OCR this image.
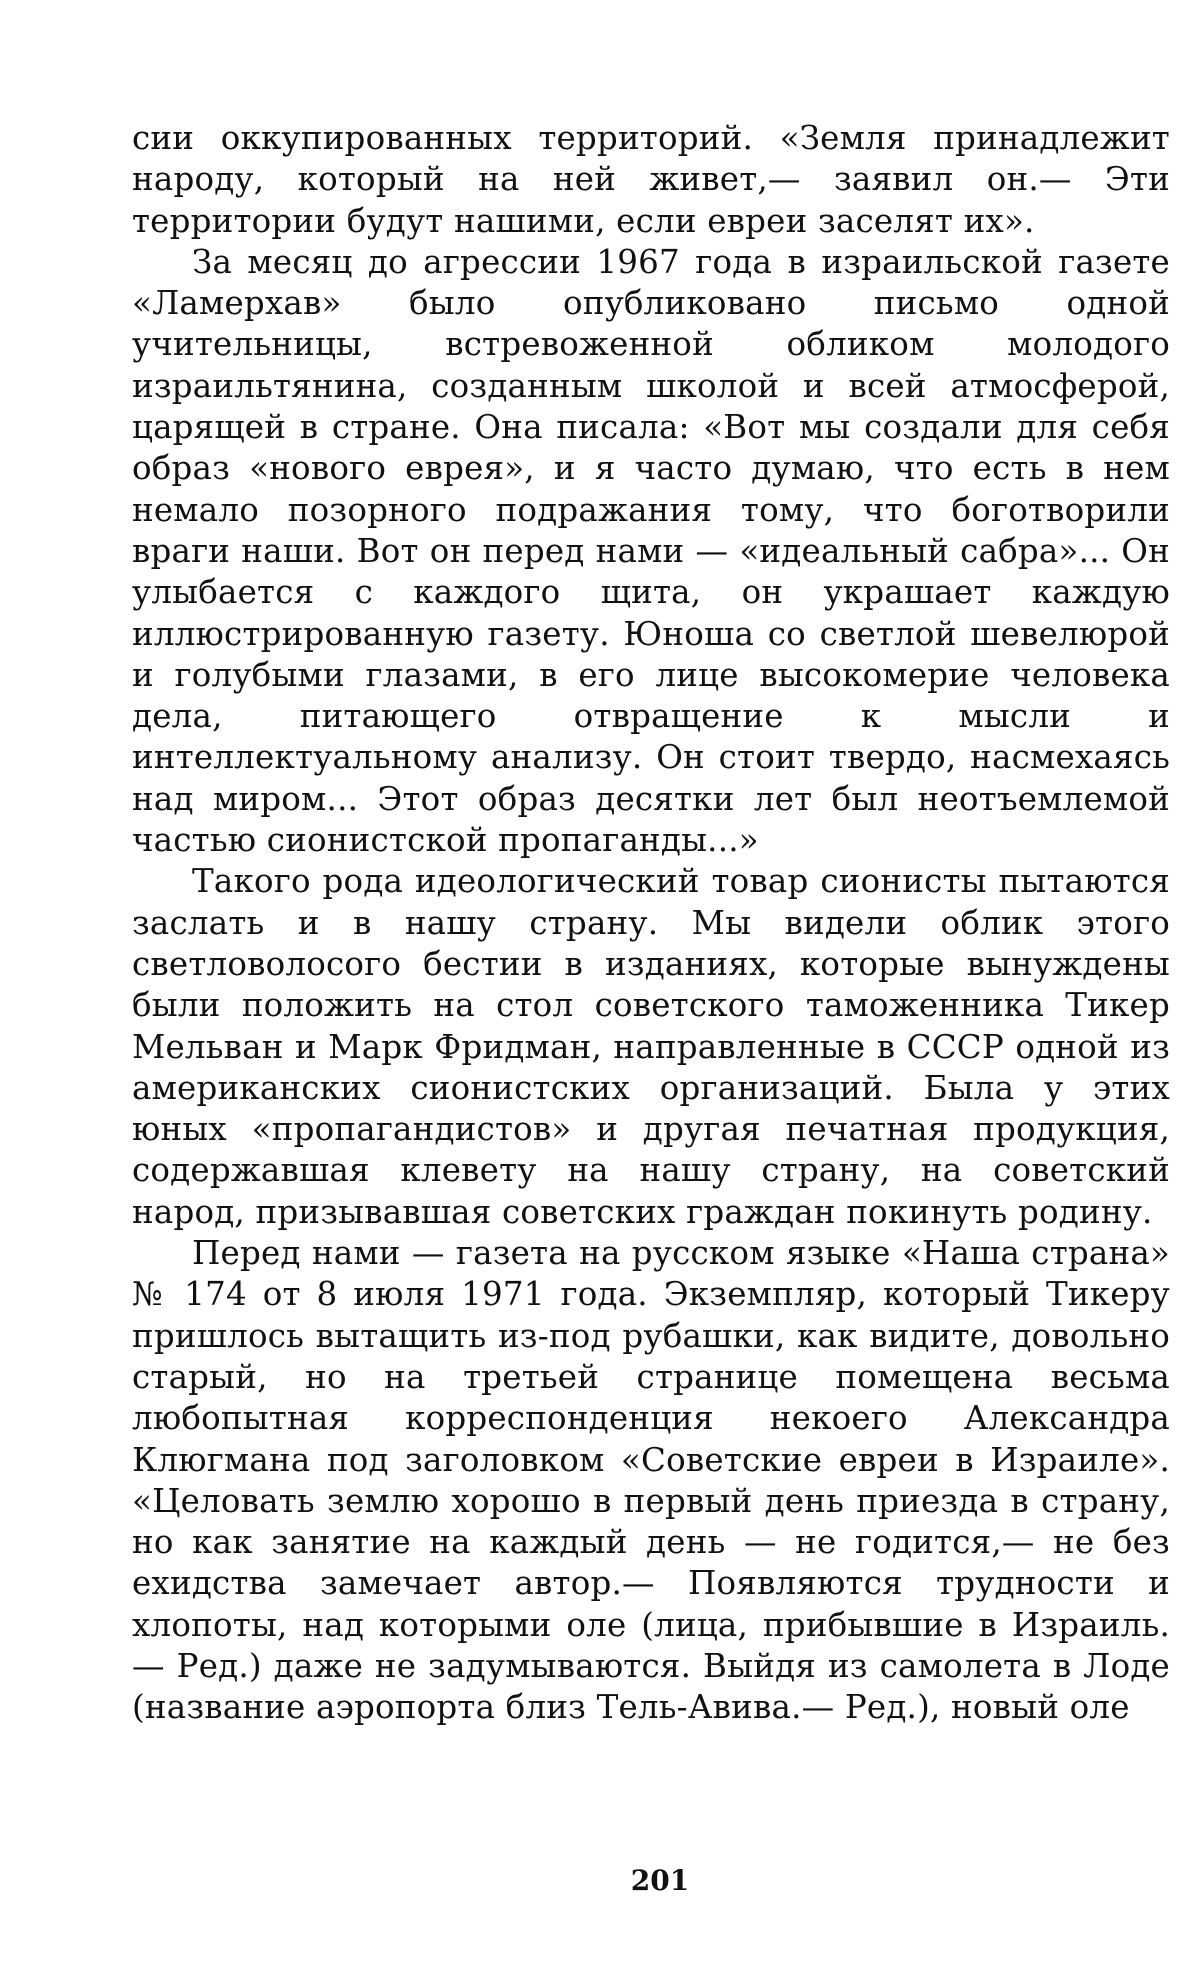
сии оккупированных территорий. «Земля принадлежит народу, который на ней живет,— заявил он.— Эти территории будут нашими, если евреи заселят их».

За месяц до агрессии 1967 года в израильской газете «Ламерхав» было опубликовано письмо одной учительницы, встревоженной обликом молодого израильтянина, созданным школой и всей атмосферой, царящей в стране. Она писала: «Вот мы создали для себя образ «нового еврея», и я часто думаю, что есть в нем немало позорного подражания тому, что боготворили враги наши. Вот он перед нами — «идеальный сабра»... Он улыбается с каждого щита, он украшает каждую иллюстрированную газету. Юноша со светлой шевелюрой и голубыми глазами, в его лице высокомерие человека дела, питающего отвращение к мысли и интеллектуальному анализу. Он стоит твердо, насмехаясь над миром... Этот образ десятки лет был неотъемлемой частью сионистской пропаганды...»

Такого рода идеологический товар сионисты пытаются заслать и в нашу страну. Мы видели облик этого светловолосого бестии в изданиях, которые вынуждены были положить на стол советского таможенника Тикер Мельван и Марк Фридман, направленные в СССР одной из американских сионистских организаций. Была у этих юных «пропагандистов» и другая печатная продукция, содержавшая клевету на нашу страну, на советский народ, призывавшая советских граждан покинуть родину.

Перед нами — газета на русском языке «Наша страна» № 174 от 8 июля 1971 года. Экземпляр, который Тикеру пришлось вытащить из-под рубашки, как видите, довольно старый, но на третьей странице помещена весьма любопытная корреспонденция некоего Александра Клюгмана под заголовком «Советские евреи в Израиле». «Целовать землю хорошо в первый день приезда в страну, но как занятие на каждый день — не годится,— не без ехидства замечает автор.— Появляются трудности и хлопоты, над которыми оле (лица, прибывшие в Израиль.— Ред.) даже не задумываются. Выйдя из самолета в Лоде (название аэропорта близ Тель-Авива.— Ред.), новый оле

201
